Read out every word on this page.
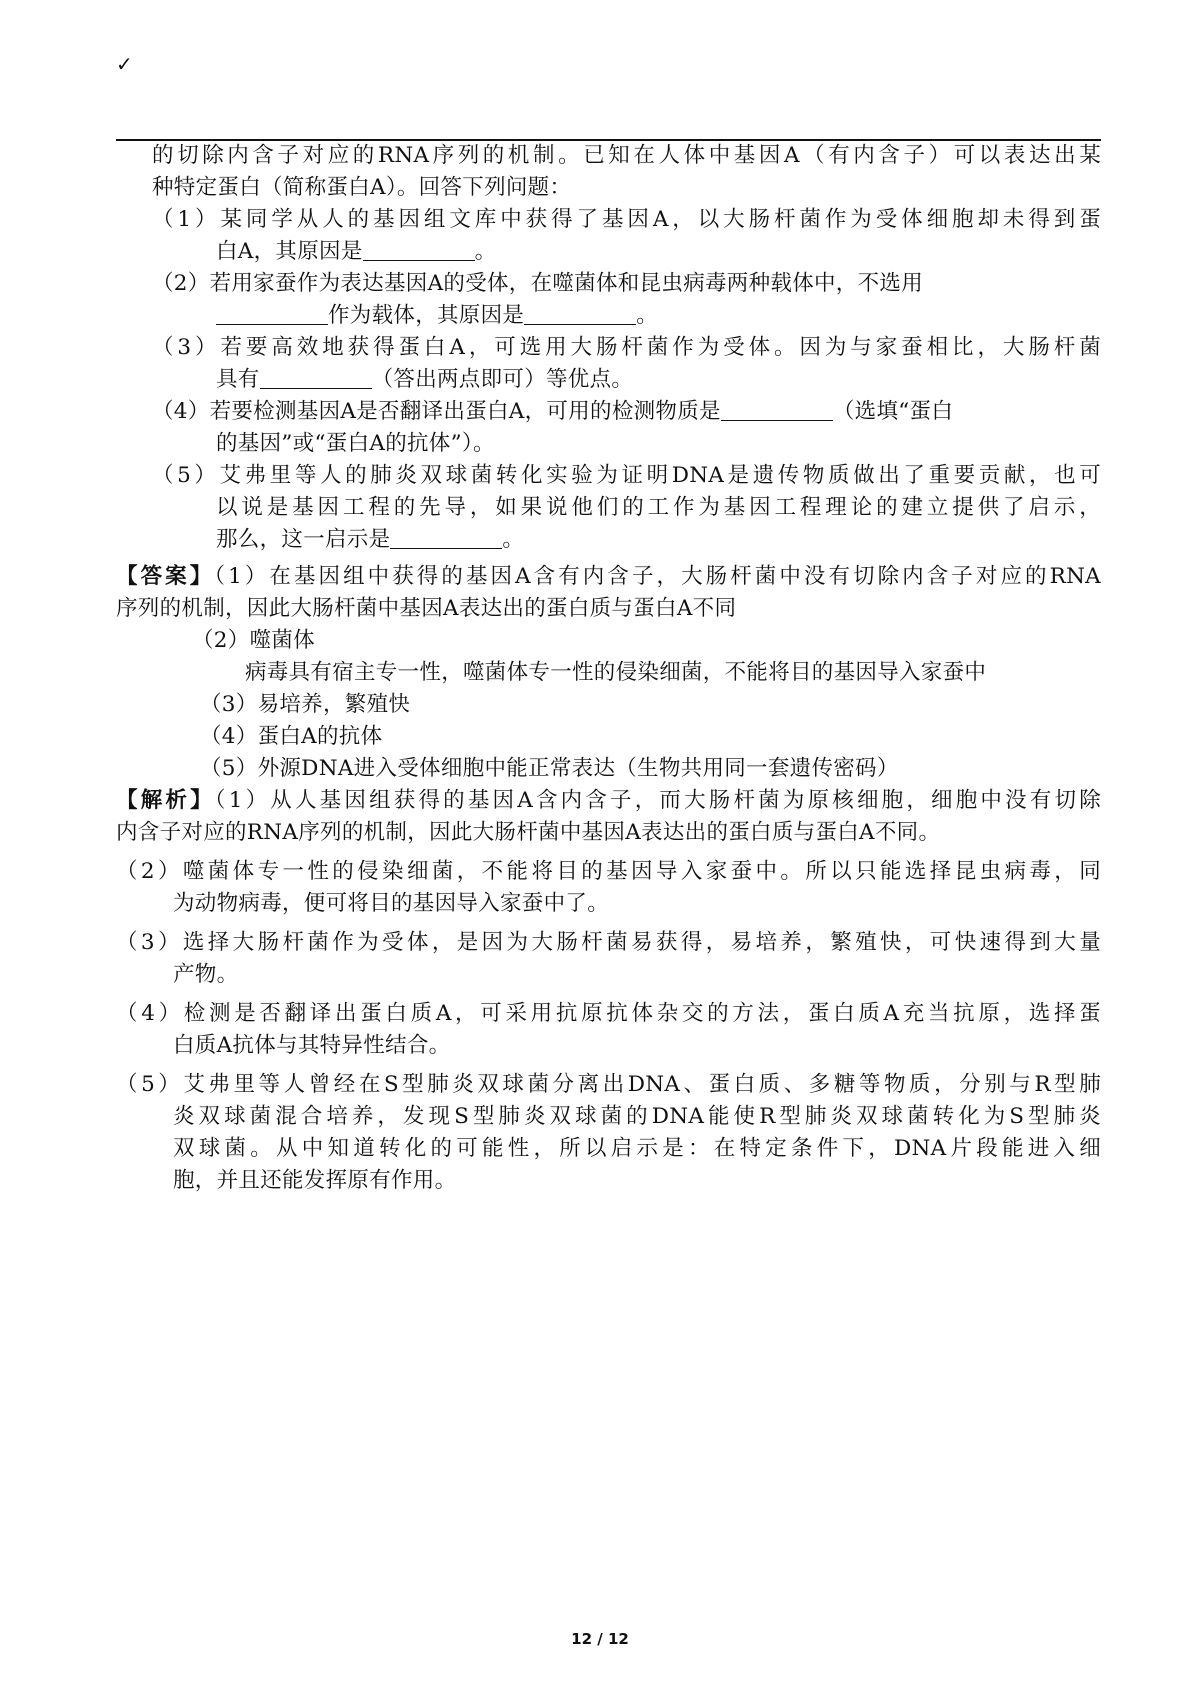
✓
的切除内含子对应的RNA序列的机制。已知在人体中基因A（有内含子）可以表达出某
种特定蛋白（简称蛋白A）。回答下列问题：
（1）某同学从人的基因组文库中获得了基因A，以大肠杆菌作为受体细胞却未得到蛋
白A，其原因是	。
（2）若用家蚕作为表达基因A的受体，在噬菌体和昆虫病毒两种载体中，不选用
作为载体，其原因是	。
（3）若要高效地获得蛋白A，可选用大肠杆菌作为受体。因为与家蚕相比，大肠杆菌
具有	（答出两点即可）等优点。
（4）若要检测基因A是否翻译出蛋白A，可用的检测物质是	（选填“蛋白
的基因”或“蛋白A的抗体”）。
（5）艾弗里等人的肺炎双球菌转化实验为证明DNA是遗传物质做出了重要贡献，也可
以说是基因工程的先导，如果说他们的工作为基因工程理论的建立提供了启示，
那么，这一启示是	。
【答案】（1）在基因组中获得的基因A含有内含子，大肠杆菌中没有切除内含子对应的RNA
序列的机制，因此大肠杆菌中基因A表达出的蛋白质与蛋白A不同
（2）噬菌体
病毒具有宿主专一性，噬菌体专一性的侵染细菌，不能将目的基因导入家蚕中
（3）易培养，繁殖快
（4）蛋白A的抗体
（5）外源DNA进入受体细胞中能正常表达（生物共用同一套遗传密码）
【解析】（1）从人基因组获得的基因A含内含子，而大肠杆菌为原核细胞，细胞中没有切除
内含子对应的RNA序列的机制，因此大肠杆菌中基因A表达出的蛋白质与蛋白A不同。
（2）噬菌体专一性的侵染细菌，不能将目的基因导入家蚕中。所以只能选择昆虫病毒，同
为动物病毒，便可将目的基因导入家蚕中了。
（3）选择大肠杆菌作为受体，是因为大肠杆菌易获得，易培养，繁殖快，可快速得到大量
产物。
（4）检测是否翻译出蛋白质A，可采用抗原抗体杂交的方法，蛋白质A充当抗原，选择蛋
白质A抗体与其特异性结合。
（5）艾弗里等人曾经在S型肺炎双球菌分离出DNA、蛋白质、多糖等物质，分别与R型肺
炎双球菌混合培养，发现S型肺炎双球菌的DNA能使R型肺炎双球菌转化为S型肺炎
双球菌。从中知道转化的可能性，所以启示是：在特定条件下，DNA片段能进入细
胞，并且还能发挥原有作用。
12 / 12
